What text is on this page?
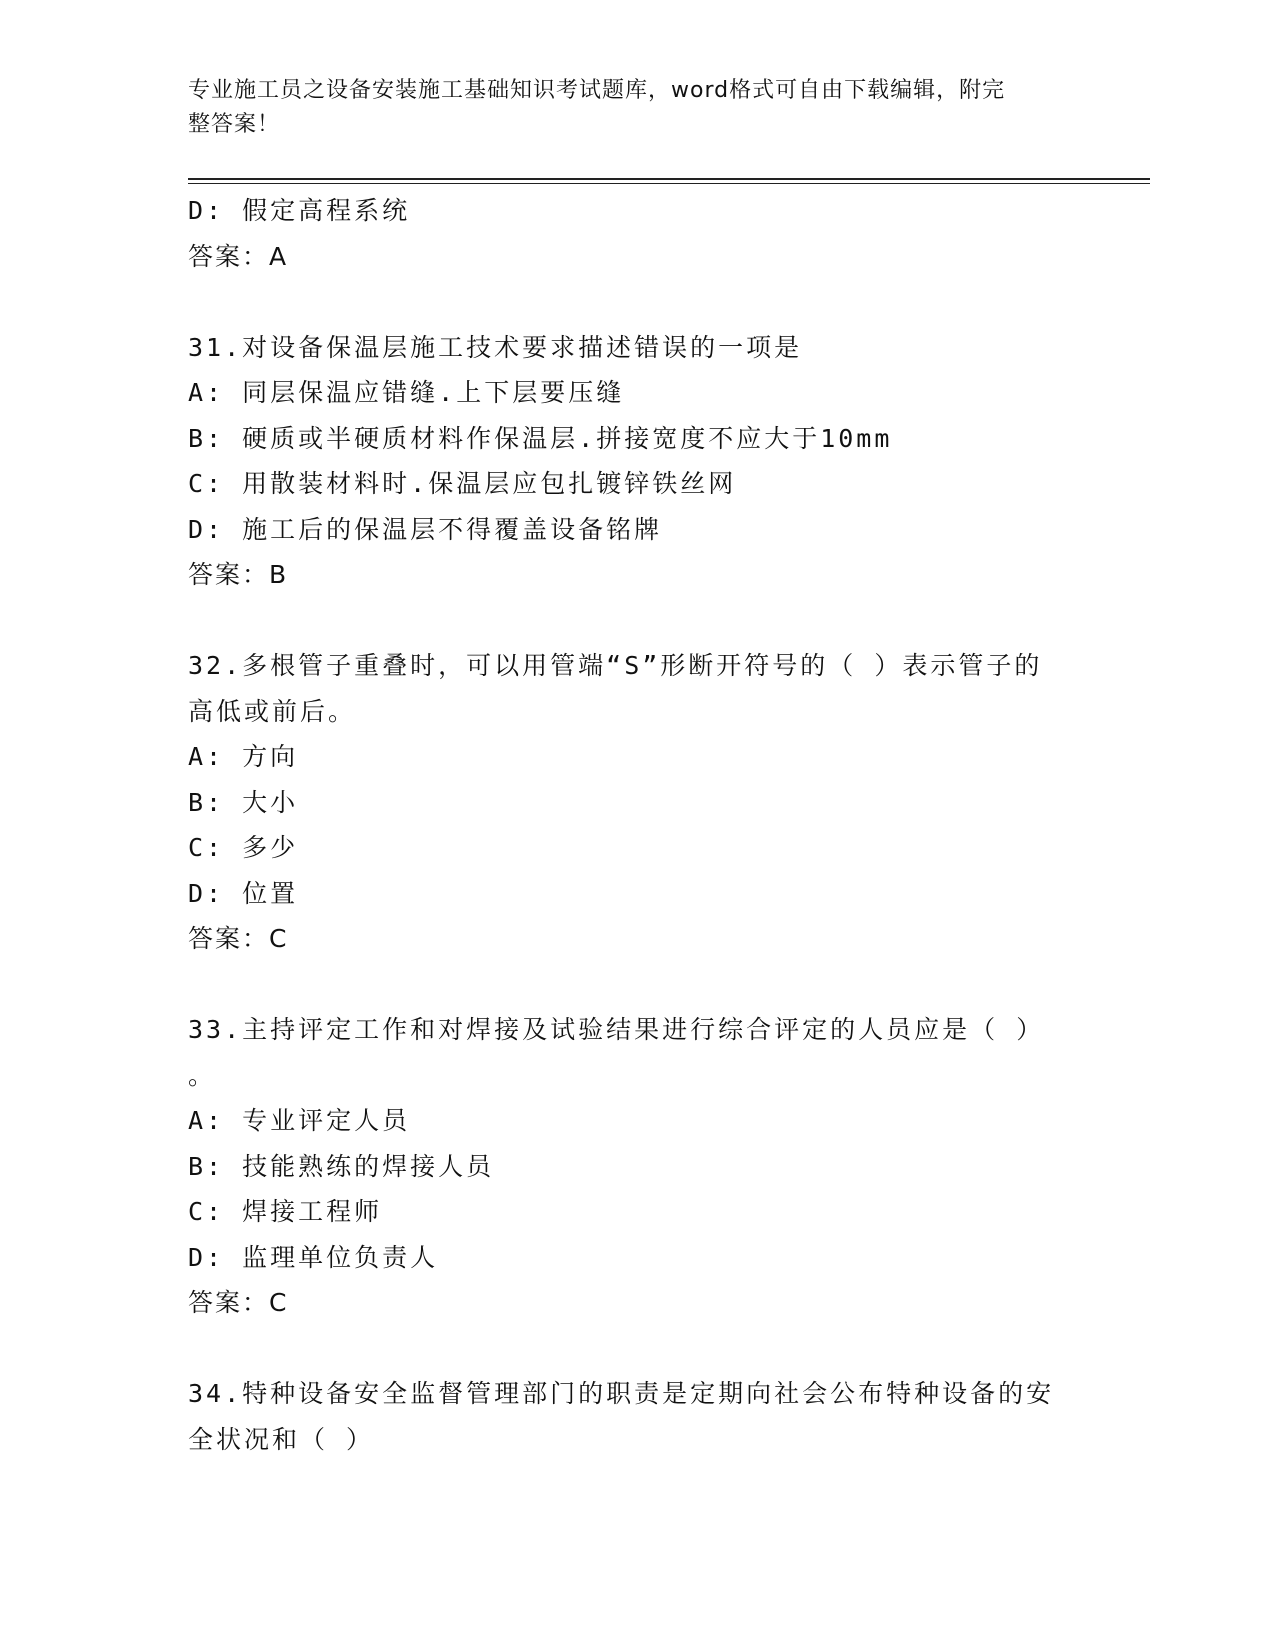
专业施工员之设备安装施工基础知识考试题库，word格式可自由下载编辑，附完
整答案！
D: 假定高程系统
答案：A
31.对设备保温层施工技术要求描述错误的一项是
A: 同层保温应错缝.上下层要压缝
B: 硬质或半硬质材料作保温层.拼接宽度不应大于10mm
C: 用散装材料时.保温层应包扎镀锌铁丝网
D: 施工后的保温层不得覆盖设备铭牌
答案：B
32.多根管子重叠时，可以用管端“S”形断开符号的（ ）表示管子的
高低或前后。
A: 方向
B: 大小
C: 多少
D: 位置
答案：C
33.主持评定工作和对焊接及试验结果进行综合评定的人员应是（ ）
。
A: 专业评定人员
B: 技能熟练的焊接人员
C: 焊接工程师
D: 监理单位负责人
答案：C
34.特种设备安全监督管理部门的职责是定期向社会公布特种设备的安
全状况和（ ）
